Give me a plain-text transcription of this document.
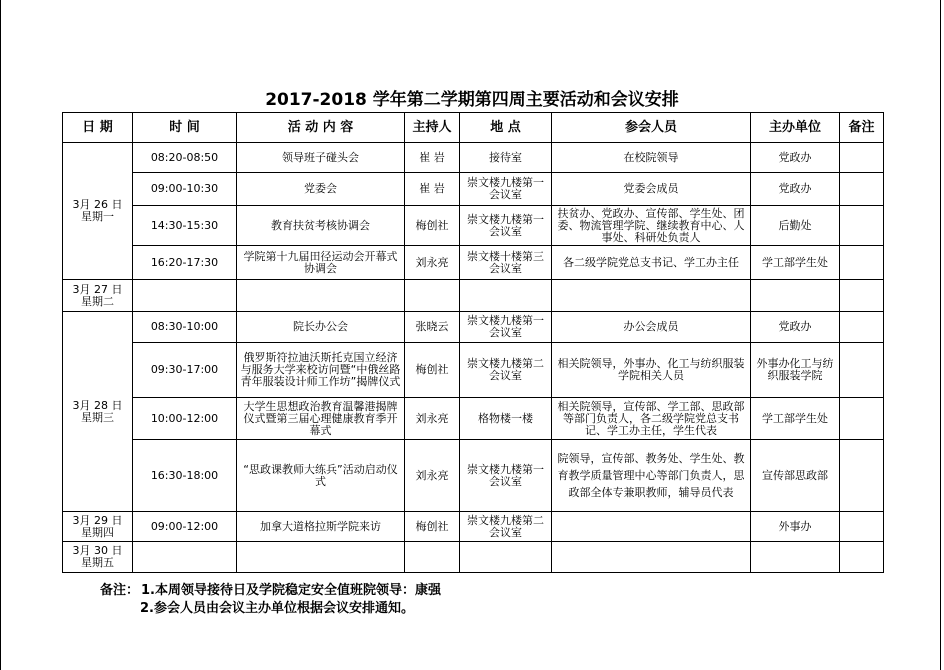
2017-2018 学年第二学期第四周主要活动和会议安排
日 期	时 间	活 动 内 容	主持人	地 点	参会人员	主办单位	备注

3月 26 日
星期一	08:20-08:50	领导班子碰头会	崔 岩	接待室	在校院领导	党政办	
	09:00-10:30	党委会	崔 岩	崇文楼九楼第一会议室	党委会成员	党政办	
	14:30-15:30	教育扶贫考核协调会	梅创社	崇文楼九楼第一会议室	扶贫办、党政办、宣传部、学生处、团委、物流管理学院、继续教育中心、人事处、科研处负责人	后勤处	
	16:20-17:30	学院第十九届田径运动会开幕式协调会	刘永亮	崇文楼十楼第三会议室	各二级学院党总支书记、学工办主任	学工部学生处	

3月 27 日
星期二							

3月 28 日
星期三	08:30-10:00	院长办公会	张晓云	崇文楼九楼第一会议室	办公会成员	党政办	
	09:30-17:00	俄罗斯符拉迪沃斯托克国立经济与服务大学来校访问暨“中俄丝路青年服装设计师工作坊”揭牌仪式	梅创社	崇文楼九楼第二会议室	相关院领导，外事办、化工与纺织服装学院相关人员	外事办化工与纺织服装学院	
	10:00-12:00	大学生思想政治教育温馨港揭牌仪式暨第三届心理健康教育季开幕式	刘永亮	格物楼一楼	相关院领导，宣传部、学工部、思政部等部门负责人，各二级学院党总支书记、学工办主任，学生代表	学工部学生处	
	16:30-18:00	“思政课教师大练兵”活动启动仪式	刘永亮	崇文楼九楼第一会议室	院领导，宣传部、教务处、学生处、教育教学质量管理中心等部门负责人，思政部全体专兼职教师，辅导员代表	宣传部思政部	

3月 29 日
星期四	09:00-12:00	加拿大道格拉斯学院来访	梅创社	崇文楼九楼第二会议室		外事办	

3月 30 日
星期五							

备注： 1.本周领导接待日及学院稳定安全值班院领导：康强
2.参会人员由会议主办单位根据会议安排通知。
